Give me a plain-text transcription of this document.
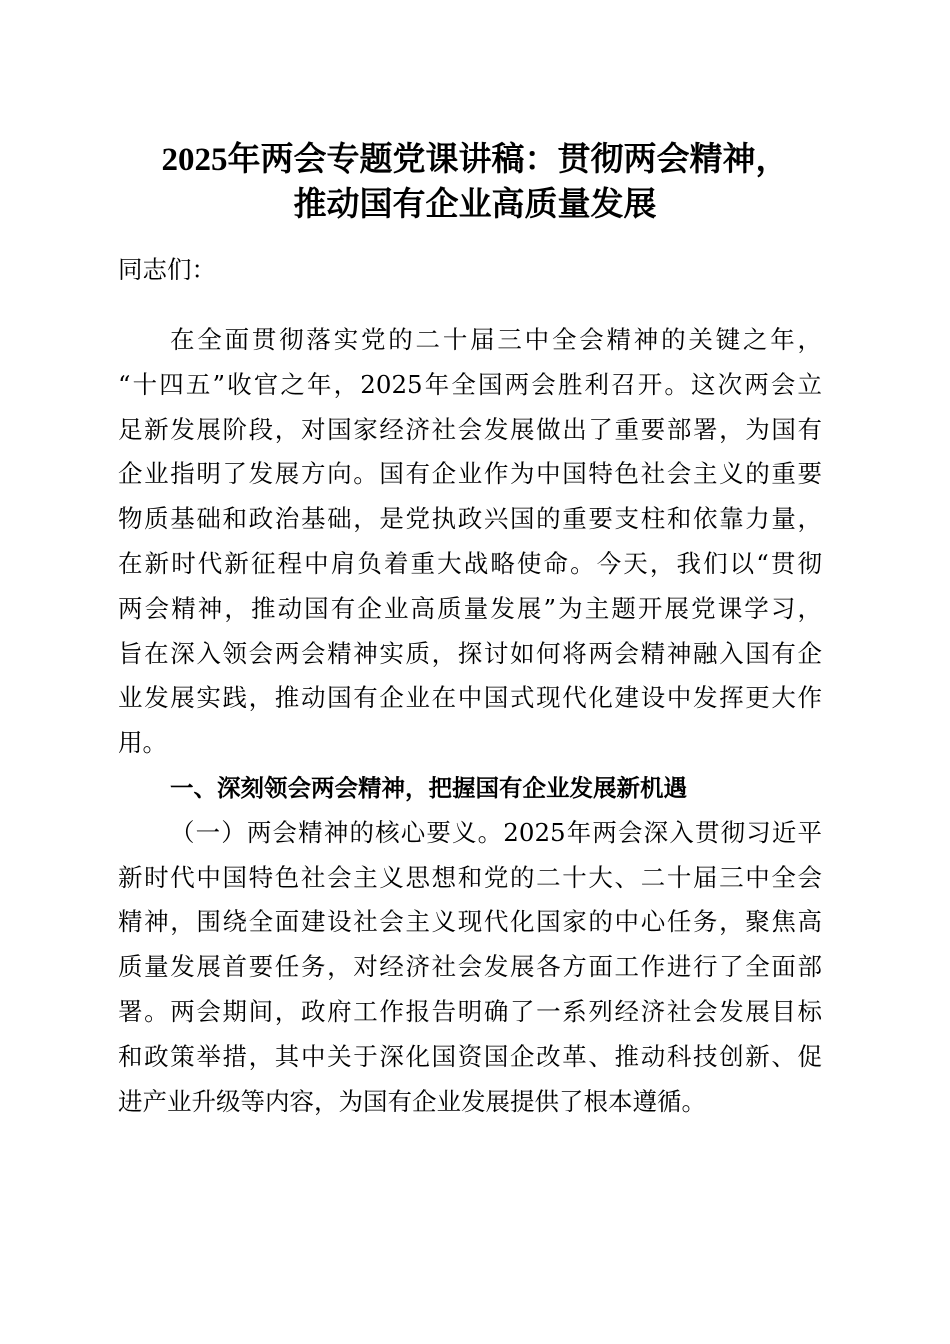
2025年两会专题党课讲稿：贯彻两会精神，
推动国有企业高质量发展
同志们：
在全面贯彻落实党的二十届三中全会精神的关键之年，
“十四五”收官之年，2025年全国两会胜利召开。这次两会立
足新发展阶段，对国家经济社会发展做出了重要部署，为国有
企业指明了发展方向。国有企业作为中国特色社会主义的重要
物质基础和政治基础，是党执政兴国的重要支柱和依靠力量，
在新时代新征程中肩负着重大战略使命。今天，我们以“贯彻
两会精神，推动国有企业高质量发展”为主题开展党课学习，
旨在深入领会两会精神实质，探讨如何将两会精神融入国有企
业发展实践，推动国有企业在中国式现代化建设中发挥更大作
用。
一、深刻领会两会精神，把握国有企业发展新机遇
（一）两会精神的核心要义。2025年两会深入贯彻习近平
新时代中国特色社会主义思想和党的二十大、二十届三中全会
精神，围绕全面建设社会主义现代化国家的中心任务，聚焦高
质量发展首要任务，对经济社会发展各方面工作进行了全面部
署。两会期间，政府工作报告明确了一系列经济社会发展目标
和政策举措，其中关于深化国资国企改革、推动科技创新、促
进产业升级等内容，为国有企业发展提供了根本遵循。
